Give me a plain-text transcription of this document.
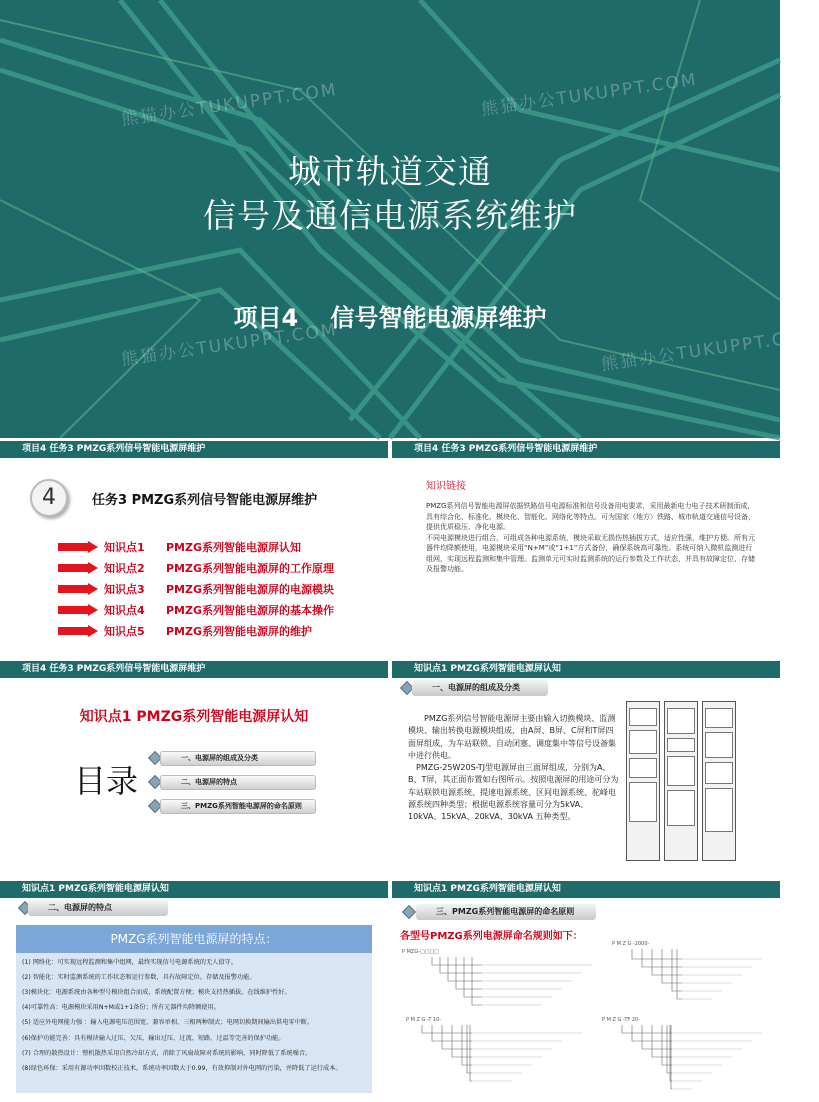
熊猫办公TUKUPPT.COM	熊猫办公TUKUPPT.COM
熊猫办公TUKUPPT.COM	熊猫办公TUKUPPT.COM
城市轨道交通
信号及通信电源系统维护
项目4　 信号智能电源屏维护
项目4 任务3 PMZG系列信号智能电源屏维护
4	任务3 PMZG系列信号智能电源屏维护
知识点1 PMZG系列智能电源屏认知
知识点2 PMZG系列智能电源屏的工作原理
知识点3 PMZG系列智能电源屏的电源模块
知识点4 PMZG系列智能电源屏的基本操作
知识点5 PMZG系列智能电源屏的维护
项目4 任务3 PMZG系列信号智能电源屏维护
知识链接

PMZG系列信号智能电源屏依据铁路信号电源标准和信号设备用电要求，采用最新电力电子技术研制而成，具有综合化、标准化、模块化、智能化、网络化等特点。可为国家（地方）铁路、城市轨道交通信号设备，提供优质稳压、净化电源。

不同电源模块进行组合，可组成各种电源系统，模块采取无损伤热插拔方式，适应性强，维护方便。所有元器件均降额使用，电源模块采用“N+M”或“1+1”方式备份，确保系统高可靠性。系统可纳入微机监测进行组网，实现远程监测和集中管理。监测单元可实时监测系统的运行参数及工作状态，并具有故障定位、存储及报警功能。

项目4 任务3 PMZG系列信号智能电源屏维护
知识点1 PMZG系列智能电源屏认知
目录
一、电源屏的组成及分类
二、电源屏的特点
三、PMZG系列智能电源屏的命名原则
知识点1 PMZG系列智能电源屏认知
一、电源屏的组成及分类

PMZG系列信号智能电源屏主要由输入切换模块、监测模块、输出转换电源模块组成，由A屏、B屏、C屏和T屏四面屏组成，为车站联锁、自动闭塞、调度集中等信号设备集中进行供电。

PMZG-25W20S-TJ型电源屏由三面屏组成，分别为A、B、T屏，其正面布置如右图所示。按照电源屏的用途可分为车站联锁电源系统、提速电源系统、区间电源系统、驼峰电源系统四种类型；根据电源系统容量可分为5kVA、10kVA、15kVA、20kVA、30kVA 五种类型。

知识点1 PMZG系列智能电源屏认知
二、电源屏的特点
PMZG系列智能电源屏的特点：
(1) 网络化：可实现远程监测和集中组网，最终实现信号电源系统的无人值守。
(2) 智能化：实时监测系统的工作状态和运行参数，具有故障定位、存储及报警功能。
(3)模块化：电源系统由各种型号模块组合而成，系统配置方便；模块支持热插拔，在线维护性好。
(4)可靠性高：电源模块采用N+M或1+1备份；所有元器件均降额使用。
(5) 适应外电网能力强 ：输入电源电压范围宽，兼容单相、三相两种制式；电网切换期间输出供电零中断。
(6)保护功能完善：具有模块输入过压、欠压，输出过压、过流、短路、过温等完善的保护功能。
(7) 合理的散热设计：整机散热采用自然冷却方式，消除了风扇故障对系统的影响，同时降低了系统噪音。
(8)绿色环保：采用有源功率因数校正技术，系统功率因数大于0.99，有效抑制对外电网的污染，并降低了运行成本。
知识点1 PMZG系列智能电源屏认知
三、PMZG系列智能电源屏的命名原则
各型号PMZG系列电源屏命名规则如下：
P MZG-□□□□
P M Z G -2000-
P M Z G -T 10-	P M Z G -TF 20-
